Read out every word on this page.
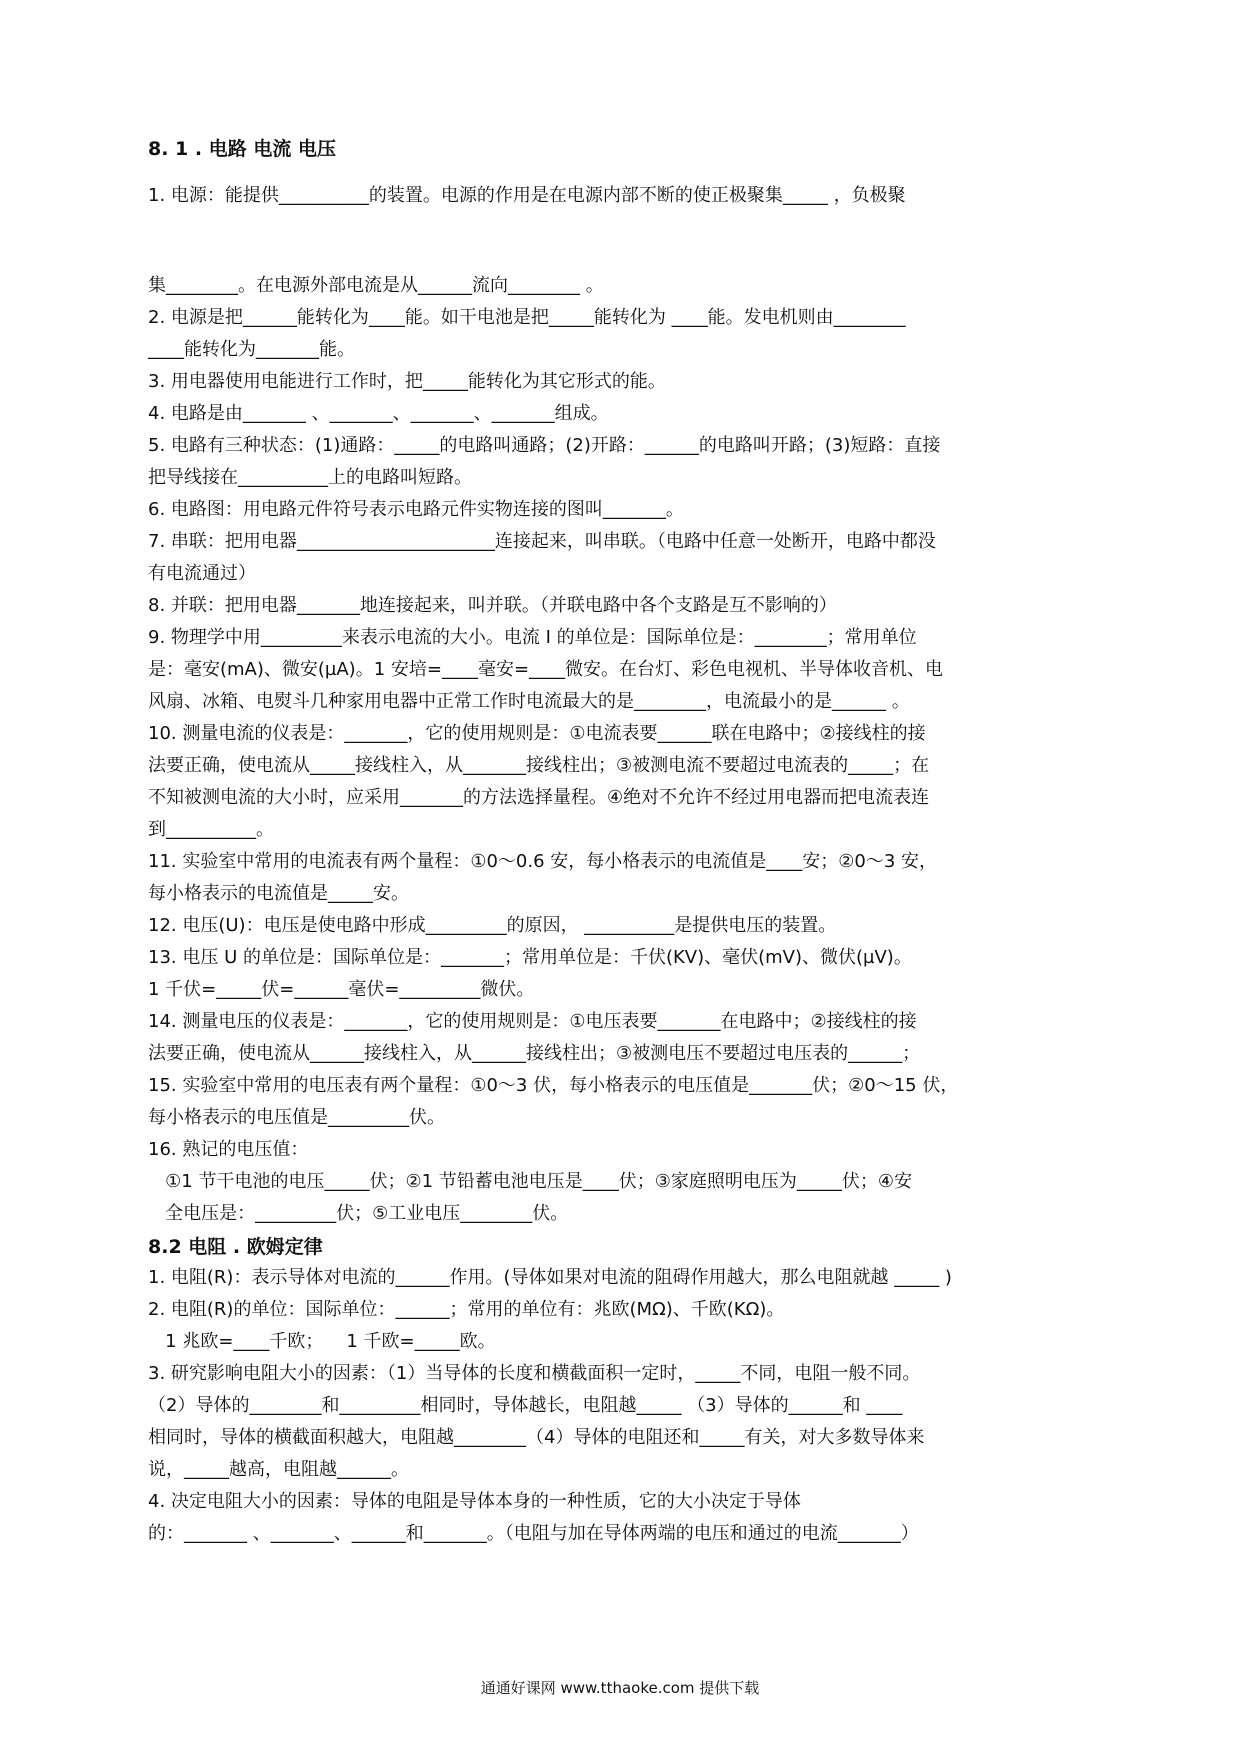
8. 1 . 电路 电流 电压
1. 电源：能提供__________的装置。电源的作用是在电源内部不断的使正极聚集_____ ，负极聚
集________。在电源外部电流是从______流向________ 。
2. 电源是把______能转化为____能。如干电池是把_____能转化为 ____能。发电机则由________
____能转化为_______能。
3. 用电器使用电能进行工作时，把_____能转化为其它形式的能。
4. 电路是由_______ 、_______、_______、_______组成。
5. 电路有三种状态：(1)通路：_____的电路叫通路；(2)开路：______的电路叫开路；(3)短路：直接
把导线接在__________上的电路叫短路。
6. 电路图：用电路元件符号表示电路元件实物连接的图叫_______。
7. 串联：把用电器______________________连接起来，叫串联。（电路中任意一处断开，电路中都没
有电流通过）
8. 并联：把用电器_______地连接起来，叫并联。（并联电路中各个支路是互不影响的）
9. 物理学中用_________来表示电流的大小。电流 I 的单位是：国际单位是：________；常用单位
是：毫安(mA)、微安(µA)。1 安培=____毫安=____微安。在台灯、彩色电视机、半导体收音机、电
风扇、冰箱、电熨斗几种家用电器中正常工作时电流最大的是________，电流最小的是______ 。
10. 测量电流的仪表是：_______，它的使用规则是：①电流表要______联在电路中；②接线柱的接
法要正确，使电流从_____接线柱入，从_______接线柱出；③被测电流不要超过电流表的_____；在
不知被测电流的大小时，应采用_______的方法选择量程。④绝对不允许不经过用电器而把电流表连
到__________。
11. 实验室中常用的电流表有两个量程：①0～0.6 安，每小格表示的电流值是____安；②0～3 安，
每小格表示的电流值是_____安。
12. 电压(U)：电压是使电路中形成_________的原因， __________是提供电压的装置。
13. 电压 U 的单位是：国际单位是：_______；常用单位是：千伏(KV)、毫伏(mV)、微伏(µV)。
1 千伏=_____伏=______毫伏=_________微伏。
14. 测量电压的仪表是：_______，它的使用规则是：①电压表要_______在电路中；②接线柱的接
法要正确，使电流从______接线柱入，从______接线柱出；③被测电压不要超过电压表的______；
15. 实验室中常用的电压表有两个量程：①0～3 伏，每小格表示的电压值是_______伏；②0～15 伏，
每小格表示的电压值是_________伏。
16. 熟记的电压值：
①1 节干电池的电压_____伏；②1 节铅蓄电池电压是____伏；③家庭照明电压为_____伏；④安
全电压是：_________伏；⑤工业电压________伏。
8.2 电阻 . 欧姆定律
1. 电阻(R)：表示导体对电流的______作用。(导体如果对电流的阻碍作用越大，那么电阻就越 _____ )
2. 电阻(R)的单位：国际单位：______；常用的单位有：兆欧(MΩ)、千欧(KΩ)。
1 兆欧=____千欧；    1 千欧=_____欧。
3. 研究影响电阻大小的因素：（1）当导体的长度和横截面积一定时，_____不同，电阻一般不同。
（2）导体的________和_________相同时，导体越长，电阻越_____ （3）导体的______和 ____
相同时，导体的横截面积越大，电阻越________（4）导体的电阻还和_____有关，对大多数导体来
说，_____越高，电阻越______。
4. 决定电阻大小的因素：导体的电阻是导体本身的一种性质，它的大小决定于导体
的：_______ 、_______、______和_______。（电阻与加在导体两端的电压和通过的电流_______）
通通好课网 www.tthaoke.com 提供下载
